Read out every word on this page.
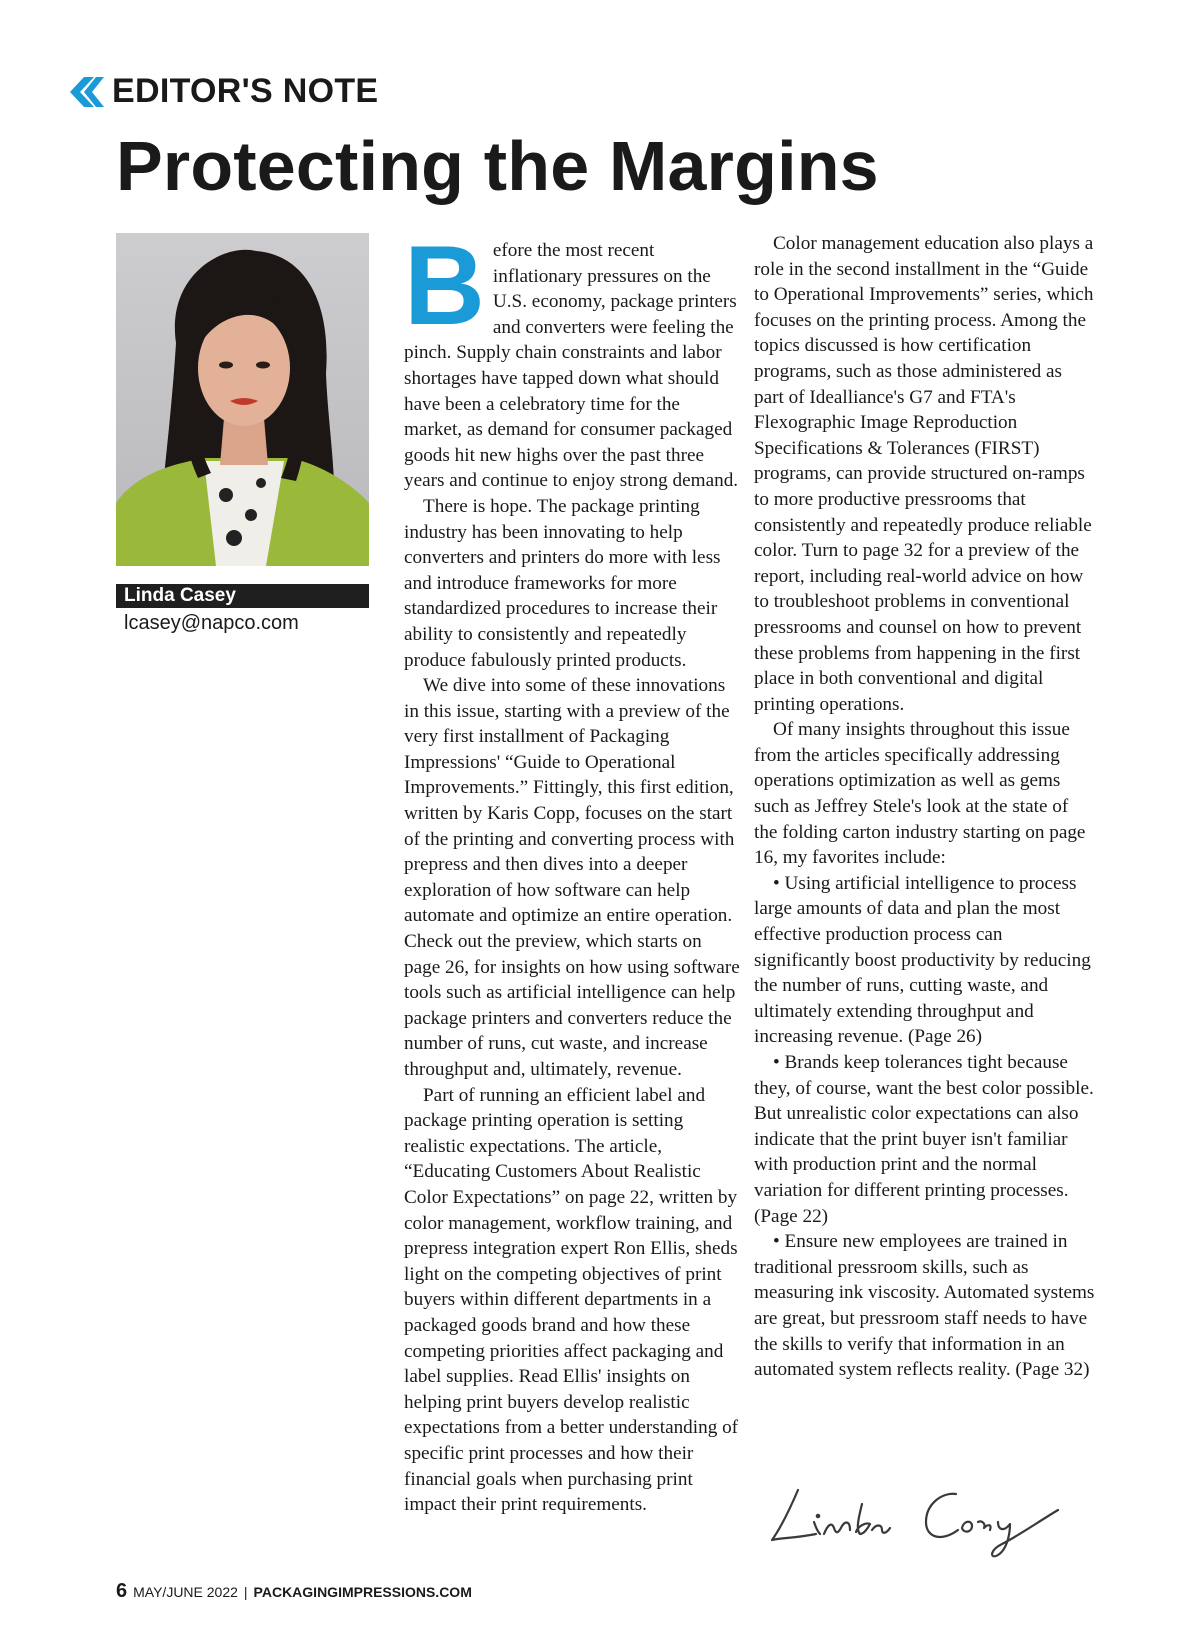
EDITOR'S NOTE
Protecting the Margins
Linda Casey
lcasey@napco.com

Before the most recent inflationary pressures on the U.S. economy, package printers and converters were feeling the pinch. Supply chain constraints and labor shortages have tapped down what should have been a celebratory time for the market, as demand for consumer packaged goods hit new highs over the past three years and continue to enjoy strong demand.

There is hope. The package printing industry has been innovating to help converters and printers do more with less and introduce frameworks for more standardized procedures to increase their ability to consistently and repeatedly produce fabulously printed products.

We dive into some of these innovations in this issue, starting with a preview of the very first installment of Packaging Impressions' “Guide to Operational Improvements.” Fittingly, this first edition, written by Karis Copp, focuses on the start of the printing and converting process with prepress and then dives into a deeper exploration of how software can help automate and optimize an entire operation. Check out the preview, which starts on page 26, for insights on how using software tools such as artificial intelligence can help package printers and converters reduce the number of runs, cut waste, and increase throughput and, ultimately, revenue.

Part of running an efficient label and package printing operation is setting realistic expectations. The article, “Educating Customers About Realistic Color Expectations” on page 22, written by color management, workflow training, and prepress integration expert Ron Ellis, sheds light on the competing objectives of print buyers within different departments in a packaged goods brand and how these competing priorities affect packaging and label supplies. Read Ellis' insights on helping print buyers develop realistic expectations from a better understanding of specific print processes and how their financial goals when purchasing print impact their print requirements.

Color management education also plays a role in the second installment in the “Guide to Operational Improvements” series, which focuses on the printing process. Among the topics discussed is how certification programs, such as those administered as part of Idealliance's G7 and FTA's Flexographic Image Reproduction Specifications & Tolerances (FIRST) programs, can provide structured on-ramps to more productive pressrooms that consistently and repeatedly produce reliable color. Turn to page 32 for a preview of the report, including real-world advice on how to troubleshoot problems in conventional pressrooms and counsel on how to prevent these problems from happening in the first place in both conventional and digital printing operations.

Of many insights throughout this issue from the articles specifically addressing operations optimization as well as gems such as Jeffrey Stele's look at the state of the folding carton industry starting on page 16, my favorites include:

• Using artificial intelligence to process large amounts of data and plan the most effective production process can significantly boost productivity by reducing the number of runs, cutting waste, and ultimately extending throughput and increasing revenue. (Page 26)

• Brands keep tolerances tight because they, of course, want the best color possible. But unrealistic color expectations can also indicate that the print buyer isn't familiar with production print and the normal variation for different printing processes. (Page 22)

• Ensure new employees are trained in traditional pressroom skills, such as measuring ink viscosity. Automated systems are great, but pressroom staff needs to have the skills to verify that information in an automated system reflects reality. (Page 32)

6 MAY/JUNE 2022 | PACKAGINGIMPRESSIONS.COM
